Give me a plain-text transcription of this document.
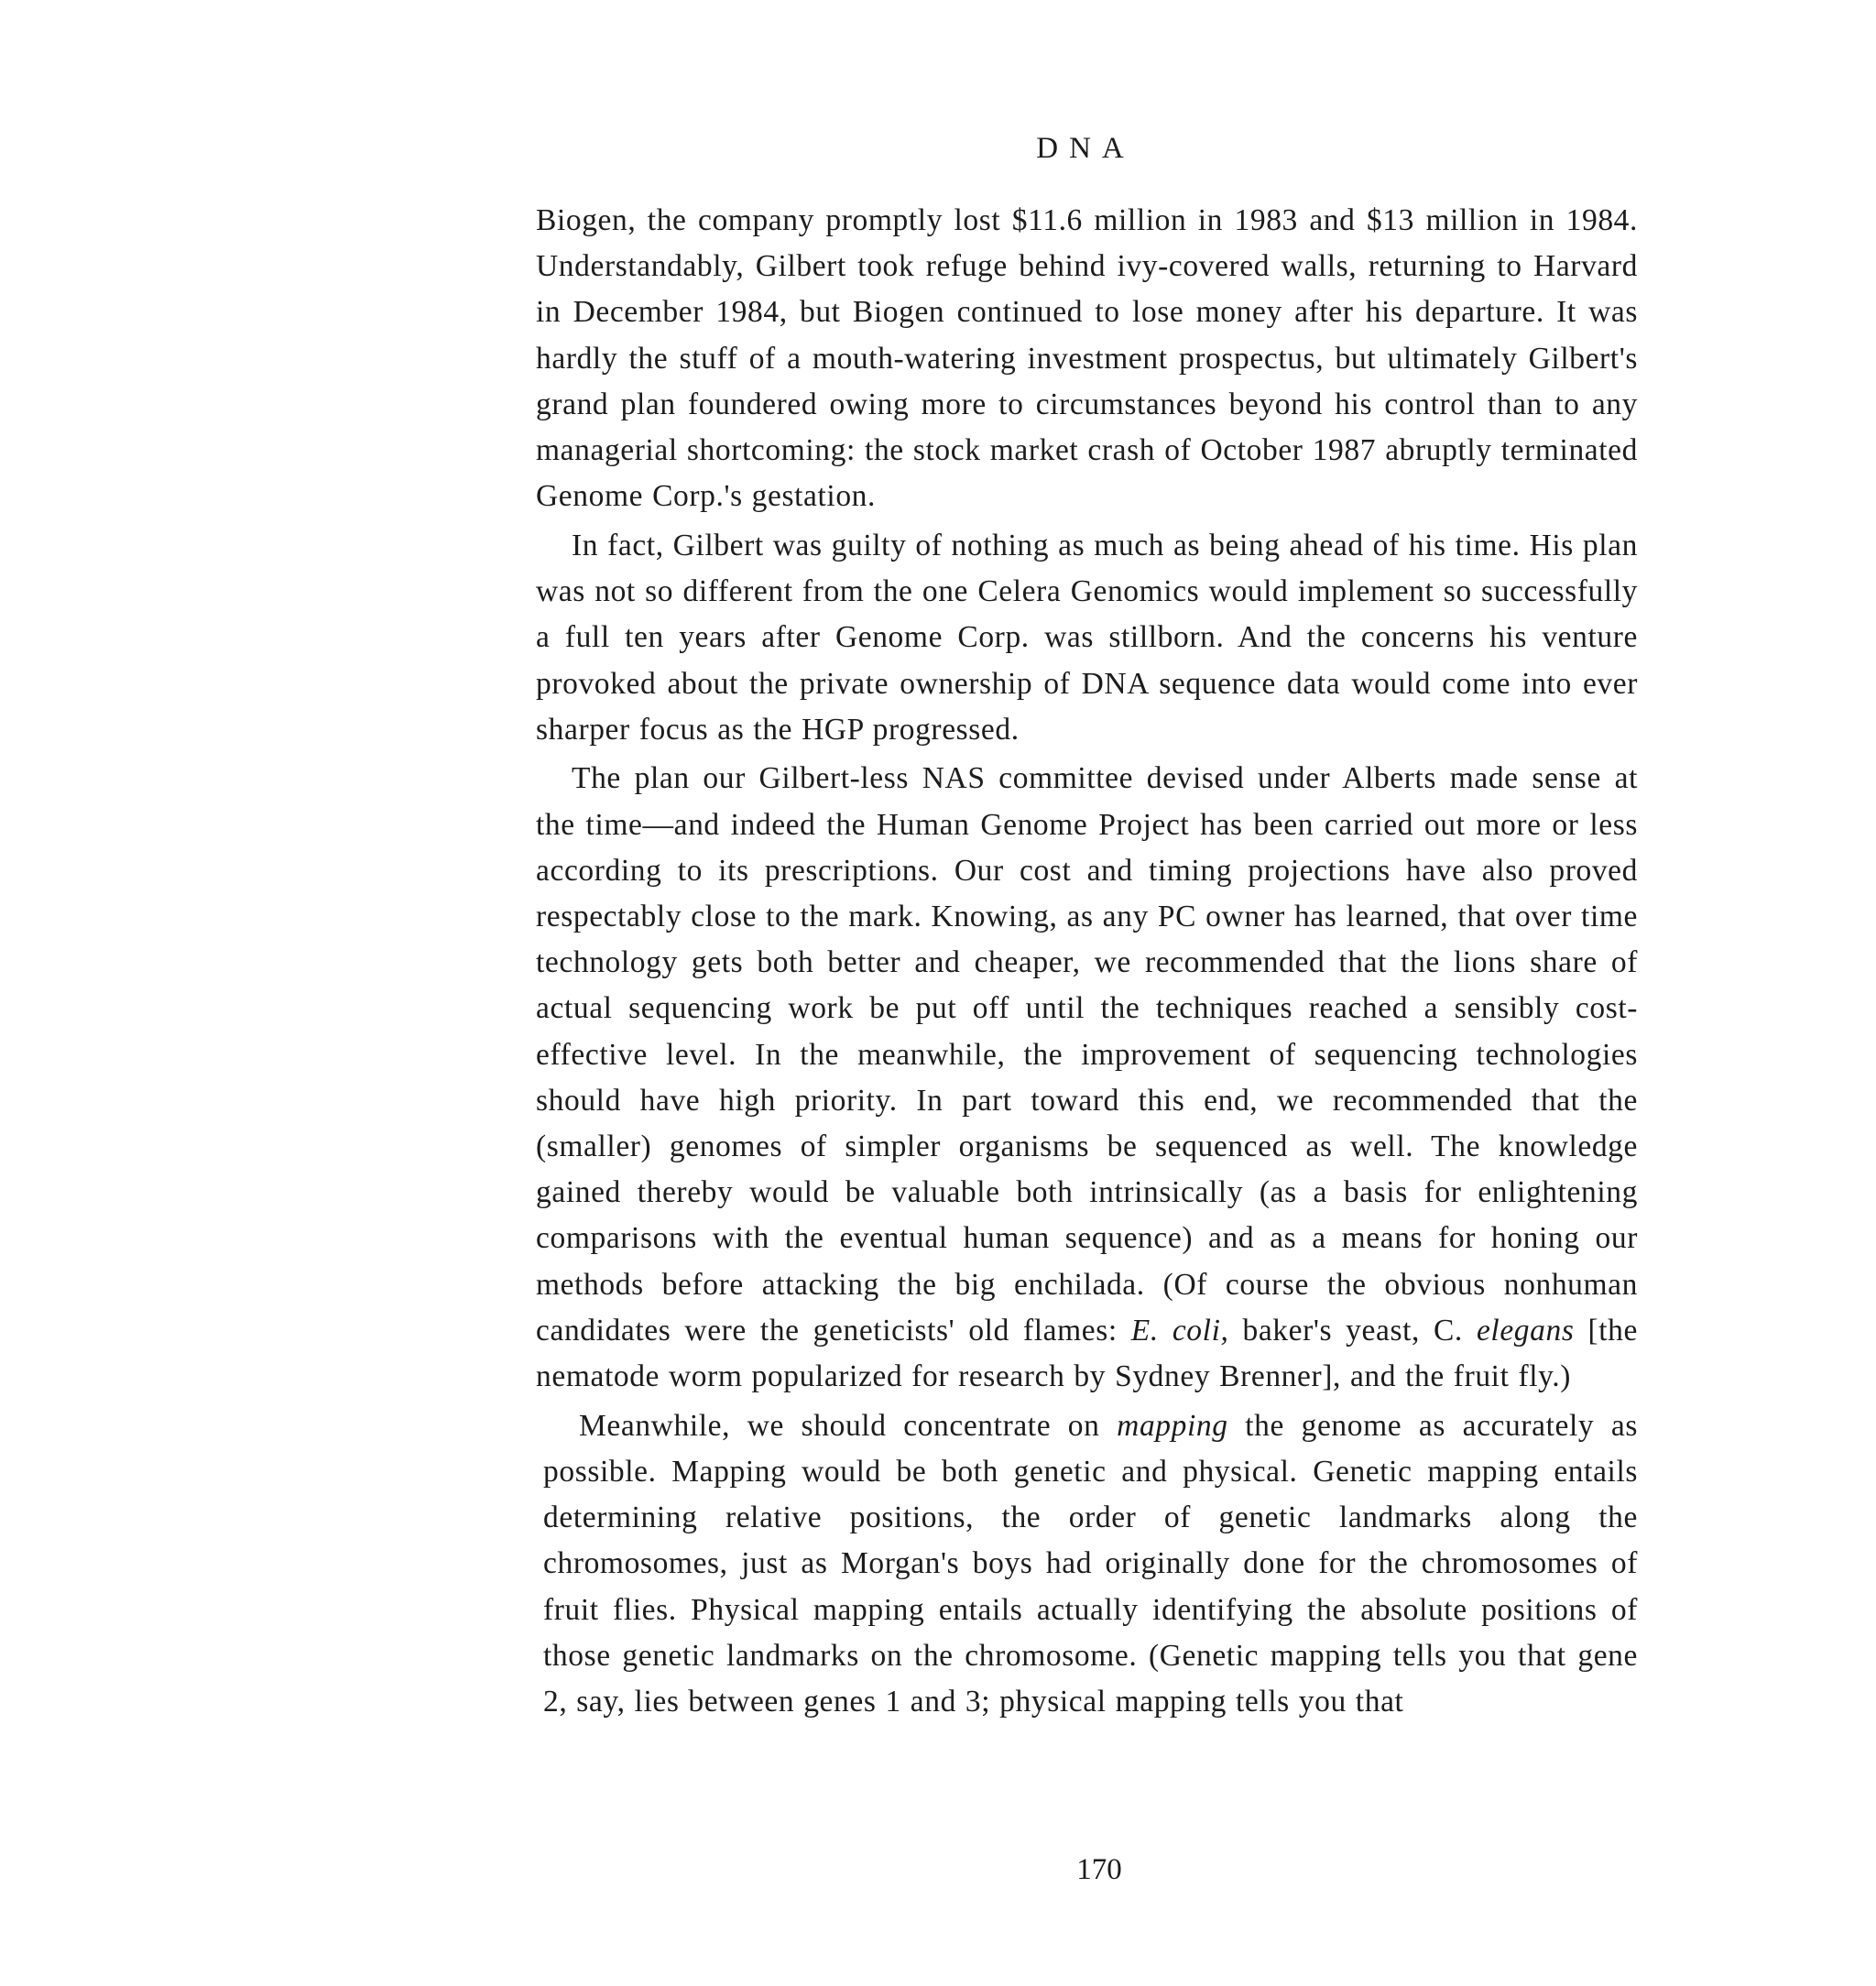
DNA

Biogen, the company promptly lost $11.6 million in 1983 and $13 million in 1984. Understandably, Gilbert took refuge behind ivy-covered walls, returning to Harvard in December 1984, but Biogen continued to lose money after his departure. It was hardly the stuff of a mouth-watering investment prospectus, but ultimately Gilbert's grand plan foundered owing more to circumstances beyond his control than to any managerial shortcoming: the stock market crash of October 1987 abruptly terminated Genome Corp.'s gestation.

In fact, Gilbert was guilty of nothing as much as being ahead of his time. His plan was not so different from the one Celera Genomics would implement so successfully a full ten years after Genome Corp. was stillborn. And the concerns his venture provoked about the private ownership of DNA sequence data would come into ever sharper focus as the HGP progressed.

The plan our Gilbert-less NAS committee devised under Alberts made sense at the time—and indeed the Human Genome Project has been carried out more or less according to its prescriptions. Our cost and timing projections have also proved respectably close to the mark. Knowing, as any PC owner has learned, that over time technology gets both better and cheaper, we recommended that the lions share of actual sequencing work be put off until the techniques reached a sensibly cost-effective level. In the meanwhile, the improvement of sequencing technologies should have high priority. In part toward this end, we recommended that the (smaller) genomes of simpler organisms be sequenced as well. The knowledge gained thereby would be valuable both intrinsically (as a basis for enlightening comparisons with the eventual human sequence) and as a means for honing our methods before attacking the big enchilada. (Of course the obvious nonhuman candidates were the geneticists' old flames: E. coli, baker's yeast, C. elegans [the nematode worm popularized for research by Sydney Brenner], and the fruit fly.)

Meanwhile, we should concentrate on mapping the genome as accurately as possible. Mapping would be both genetic and physical. Genetic mapping entails determining relative positions, the order of genetic landmarks along the chromosomes, just as Morgan's boys had originally done for the chromosomes of fruit flies. Physical mapping entails actually identifying the absolute positions of those genetic landmarks on the chromosome. (Genetic mapping tells you that gene 2, say, lies between genes 1 and 3; physical mapping tells you that

170
